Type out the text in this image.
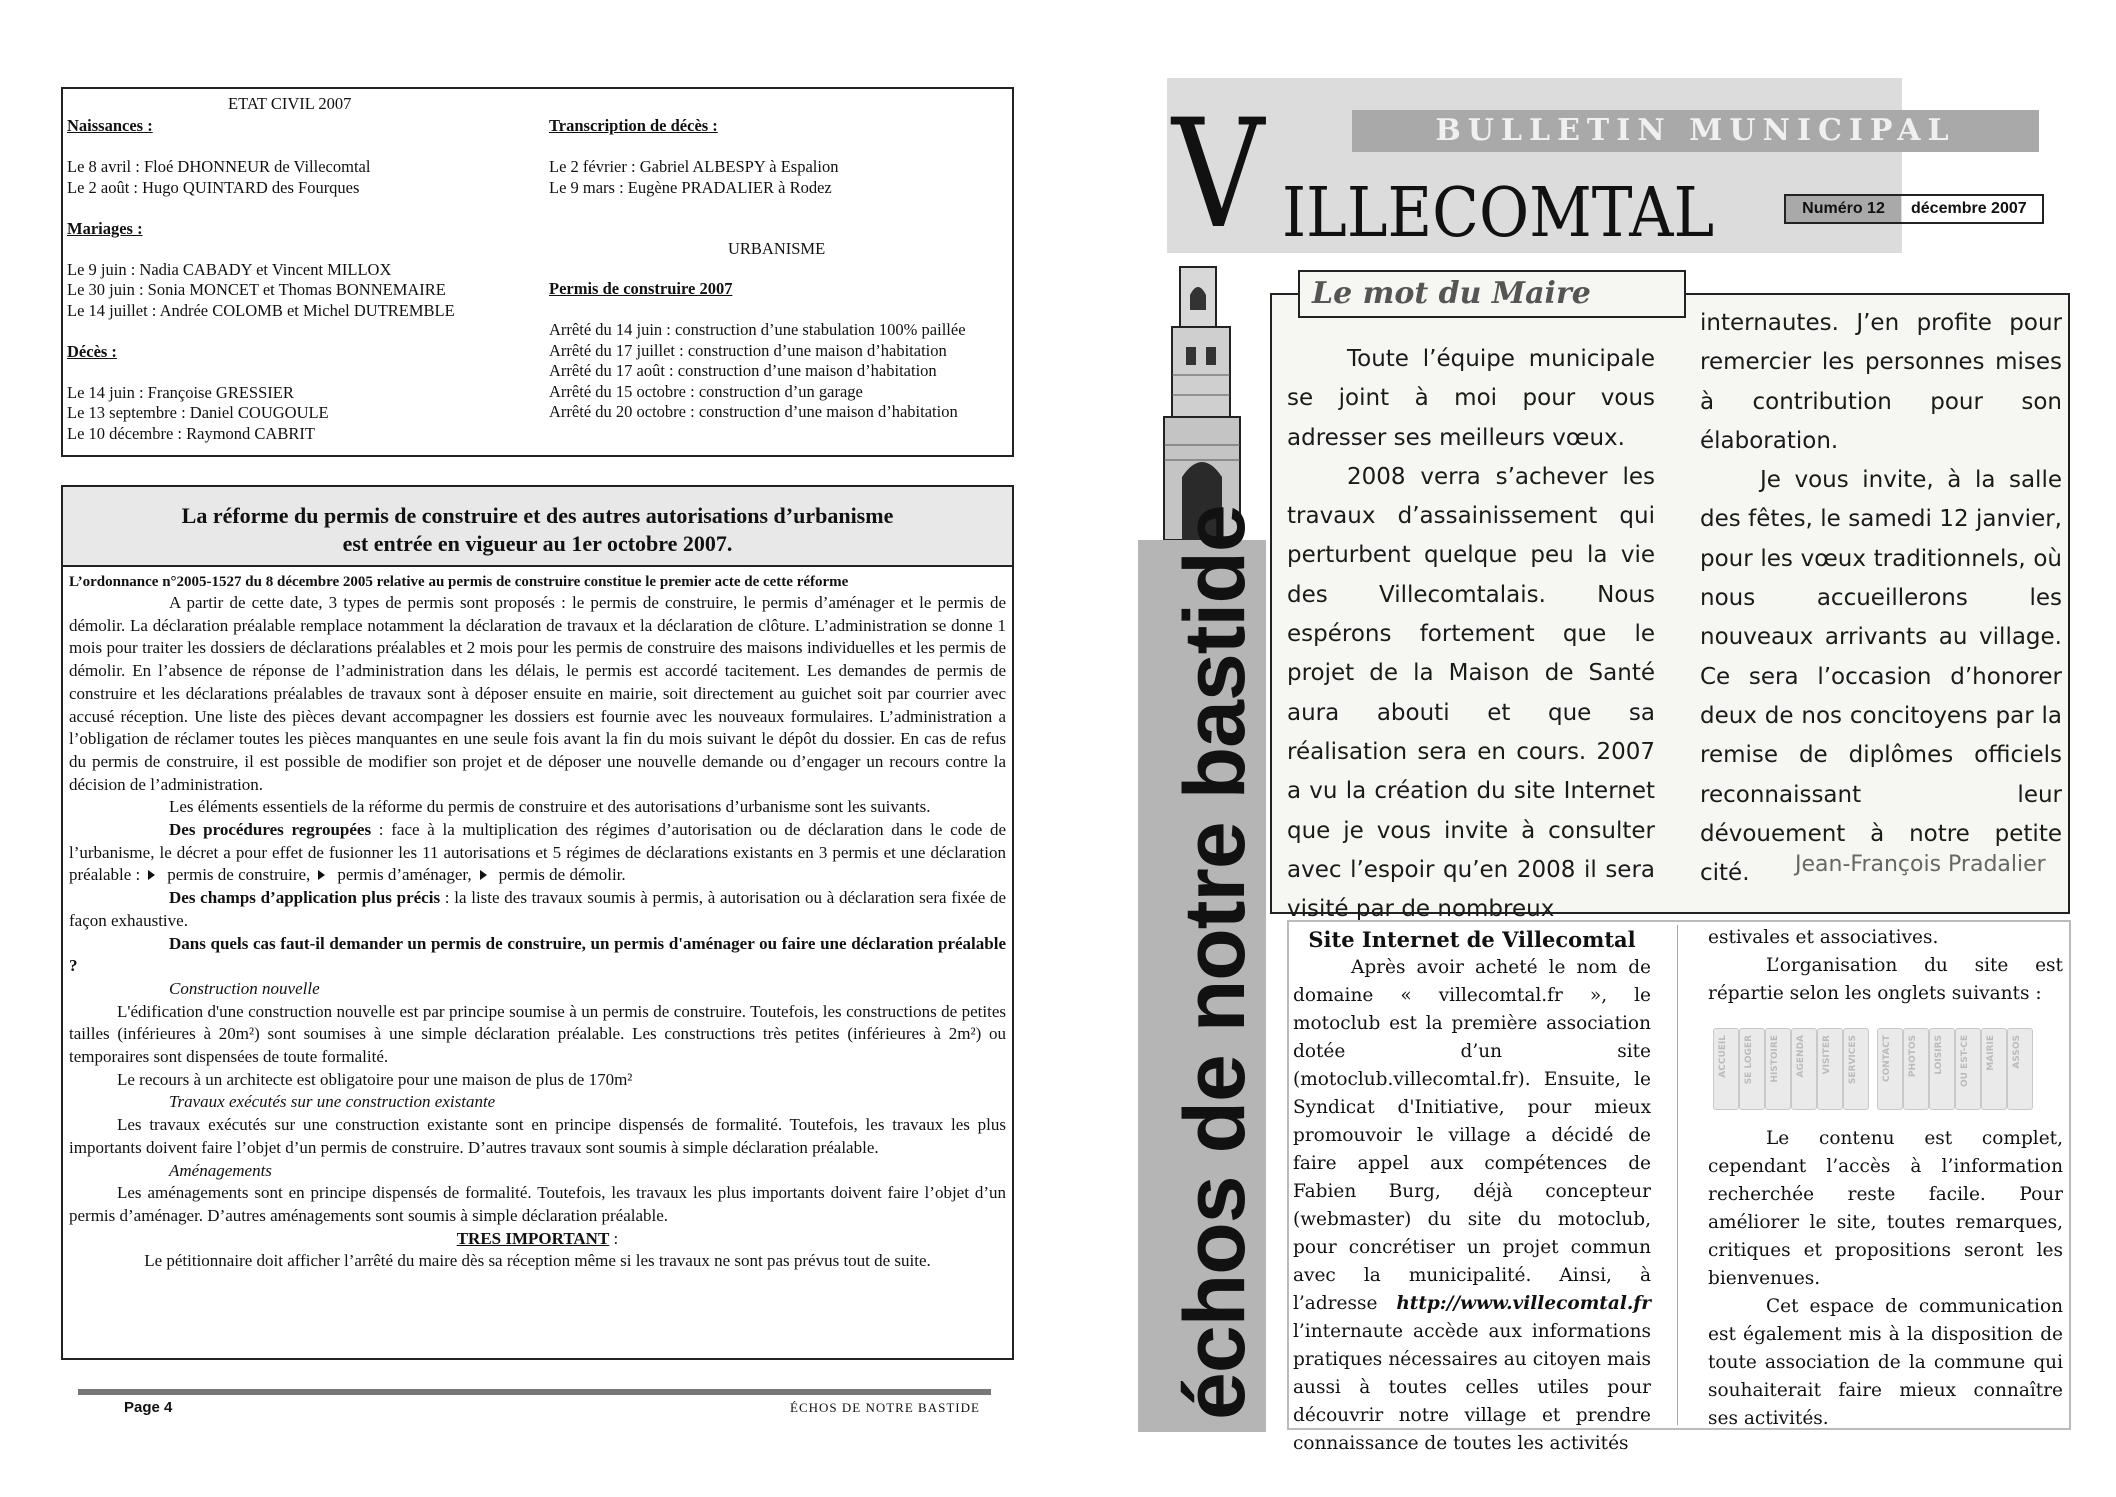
ETAT CIVIL 2007

Naissances :

Le 8 avril : Floé DHONNEUR de Villecomtal

Le 2 août : Hugo QUINTARD des Fourques

Mariages :

Le 9 juin : Nadia CABADY et Vincent MILLOX

Le 30 juin : Sonia MONCET et Thomas BONNEMAIRE

Le 14 juillet : Andrée COLOMB et Michel DUTREMBLE

Décès :

Le 14 juin : Françoise GRESSIER

Le 13 septembre : Daniel COUGOULE

Le 10 décembre : Raymond CABRIT

Transcription de décès :

Le 2 février : Gabriel ALBESPY à Espalion

Le 9 mars : Eugène PRADALIER à Rodez

URBANISME

Permis de construire 2007

Arrêté du 14 juin : construction d’une stabulation 100% paillée

Arrêté du 17 juillet : construction d’une maison d’habitation

Arrêté du 17 août : construction d’une maison d’habitation

Arrêté du 15 octobre : construction d’un garage

Arrêté du 20 octobre : construction d’une maison d’habitation

La réforme du permis de construire et des autres autorisations d’urbanisme
est entrée en vigueur au 1er octobre 2007.

L’ordonnance n°2005-1527 du 8 décembre 2005 relative au permis de construire constitue le premier acte de cette réforme

A partir de cette date, 3 types de permis sont proposés : le permis de construire, le permis d’aménager et le permis de démolir. La déclaration préalable remplace notamment la déclaration de travaux et la déclaration de clôture. L’administration se donne 1 mois pour traiter les dossiers de déclarations préalables et 2 mois pour les permis de construire des maisons individuelles et les permis de démolir. En l’absence de réponse de l’administration dans les délais, le permis est accordé tacitement. Les demandes de permis de construire et les déclarations préalables de travaux sont à déposer ensuite en mairie, soit directement au guichet soit par courrier avec accusé réception. Une liste des pièces devant accompagner les dossiers est fournie avec les nouveaux formulaires. L’administration a l’obligation de réclamer toutes les pièces manquantes en une seule fois avant la fin du mois suivant le dépôt du dossier. En cas de refus du permis de construire, il est possible de modifier son projet et de déposer une nouvelle demande ou d’engager un recours contre la décision de l’administration.

Les éléments essentiels de la réforme du permis de construire et des autorisations d’urbanisme sont les suivants.

Des procédures regroupées : face à la multiplication des régimes d’autorisation ou de déclaration dans le code de l’urbanisme, le décret a pour effet de fusionner les 11 autorisations et 5 régimes de déclarations existants en 3 permis et une déclaration préalable : permis de construire, permis d’aménager, permis de démolir.

Des champs d’application plus précis : la liste des travaux soumis à permis, à autorisation ou à déclaration sera fixée de façon exhaustive.

Dans quels cas faut-il demander un permis de construire, un permis d'aménager ou faire une déclaration préalable ?

Construction nouvelle

L'édification d'une construction nouvelle est par principe soumise à un permis de construire. Toutefois, les constructions de petites tailles (inférieures à 20m²) sont soumises à une simple déclaration préalable. Les constructions très petites (inférieures à 2m²) ou temporaires sont dispensées de toute formalité.

Le recours à un architecte est obligatoire pour une maison de plus de 170m²

Travaux exécutés sur une construction existante

Les travaux exécutés sur une construction existante sont en principe dispensés de formalité. Toutefois, les travaux les plus importants doivent faire l’objet d’un permis de construire. D’autres travaux sont soumis à simple déclaration préalable.

Aménagements

Les aménagements sont en principe dispensés de formalité. Toutefois, les travaux les plus importants doivent faire l’objet d’un permis d’aménager. D’autres aménagements sont soumis à simple déclaration préalable.

TRES IMPORTANT :

Le pétitionnaire doit afficher l’arrêté du maire dès sa réception même si les travaux ne sont pas prévus tout de suite.

Page 4	ÉCHOS DE NOTRE BASTIDE
BULLETIN MUNICIPAL
V ILLECOMTAL	Numéro 12	décembre 2007
échos de notre bastide
Le mot du Maire

Toute l’équipe municipale se joint à moi pour vous adresser ses meilleurs vœux.

2008 verra s’achever les travaux d’assainissement qui perturbent quelque peu la vie des Villecomtalais. Nous espérons fortement que le projet de la Maison de Santé aura abouti et que sa réalisation sera en cours. 2007 a vu la création du site Internet que je vous invite à consulter avec l’espoir qu’en 2008 il sera visité par de nombreux

internautes. J’en profite pour remercier les personnes mises à contribution pour son élaboration.

Je vous invite, à la salle des fêtes, le samedi 12 janvier, pour les vœux traditionnels, où nous accueillerons les nouveaux arrivants au village. Ce sera l’occasion d’honorer deux de nos concitoyens par la remise de diplômes officiels reconnaissant leur dévouement à notre petite cité.	Jean-François Pradalier

Site Internet de Villecomtal

Après avoir acheté le nom de domaine « villecomtal.fr », le motoclub est la première association dotée d’un site (motoclub.villecomtal.fr). Ensuite, le Syndicat d'Initiative, pour mieux promouvoir le village a décidé de faire appel aux compétences de Fabien Burg, déjà concepteur (webmaster) du site du motoclub, pour concrétiser un projet commun avec la municipalité. Ainsi, à l’adresse http://www.villecomtal.fr l’internaute accède aux informations pratiques nécessaires au citoyen mais aussi à toutes celles utiles pour découvrir notre village et prendre connaissance de toutes les activités

estivales et associatives.

L’organisation du site est répartie selon les onglets suivants :

ACCUEIL SE LOGER HISTOIRE AGENDA VISITER SERVICES	CONTACT PHOTOS LOISIRS OU EST-CE MAIRIE ASSOS

Le contenu est complet, cependant l’accès à l’information recherchée reste facile. Pour améliorer le site, toutes remarques, critiques et propositions seront les bienvenues.

Cet espace de communication est également mis à la disposition de toute association de la commune qui souhaiterait faire mieux connaître ses activités.
